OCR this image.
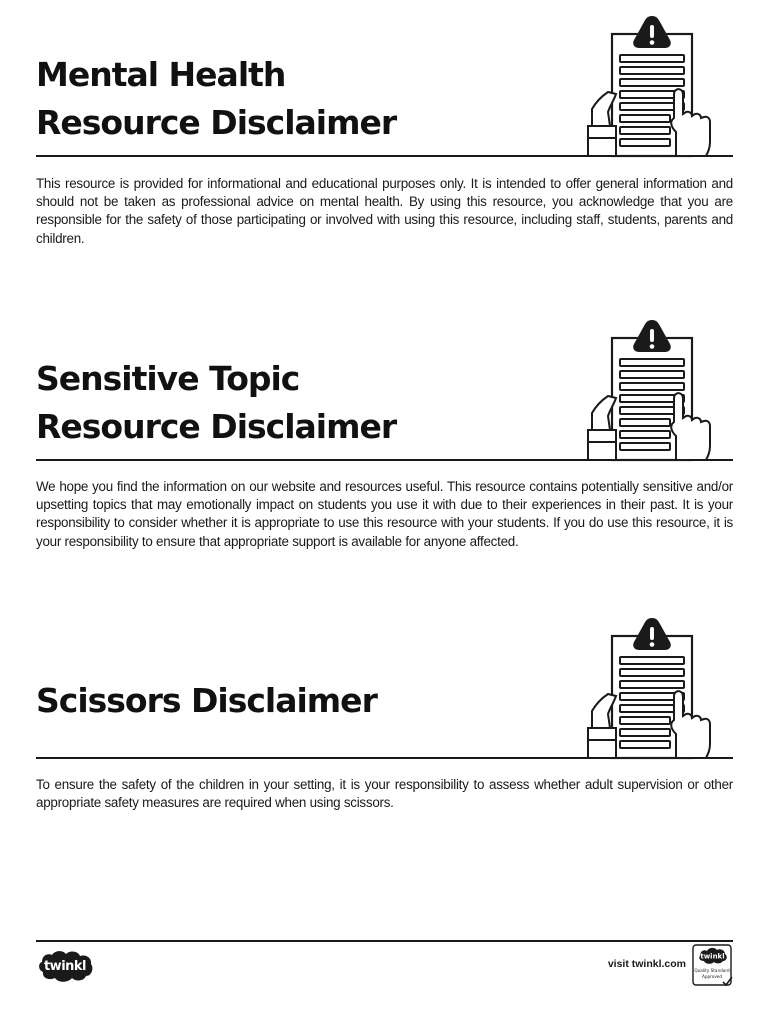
Mental Health
Resource Disclaimer

This resource is provided for informational and educational purposes only. It is intended to offer general information and should not be taken as professional advice on mental health. By using this resource, you acknowledge that you are responsible for the safety of those participating or involved with using this resource, including staff, students, parents and children.

Sensitive Topic
Resource Disclaimer

We hope you find the information on our website and resources useful. This resource contains potentially sensitive and/or upsetting topics that may emotionally impact on students you use it with due to their experiences in their past. It is your responsibility to consider whether it is appropriate to use this resource with your students. If you do use this resource, it is your responsibility to ensure that appropriate support is available for anyone affected.

Scissors Disclaimer

To ensure the safety of the children in your setting, it is your responsibility to assess whether adult supervision or other appropriate safety measures are required when using scissors.

twinkl	visit twinkl.com
twinkl
Quality Standard
Approved
